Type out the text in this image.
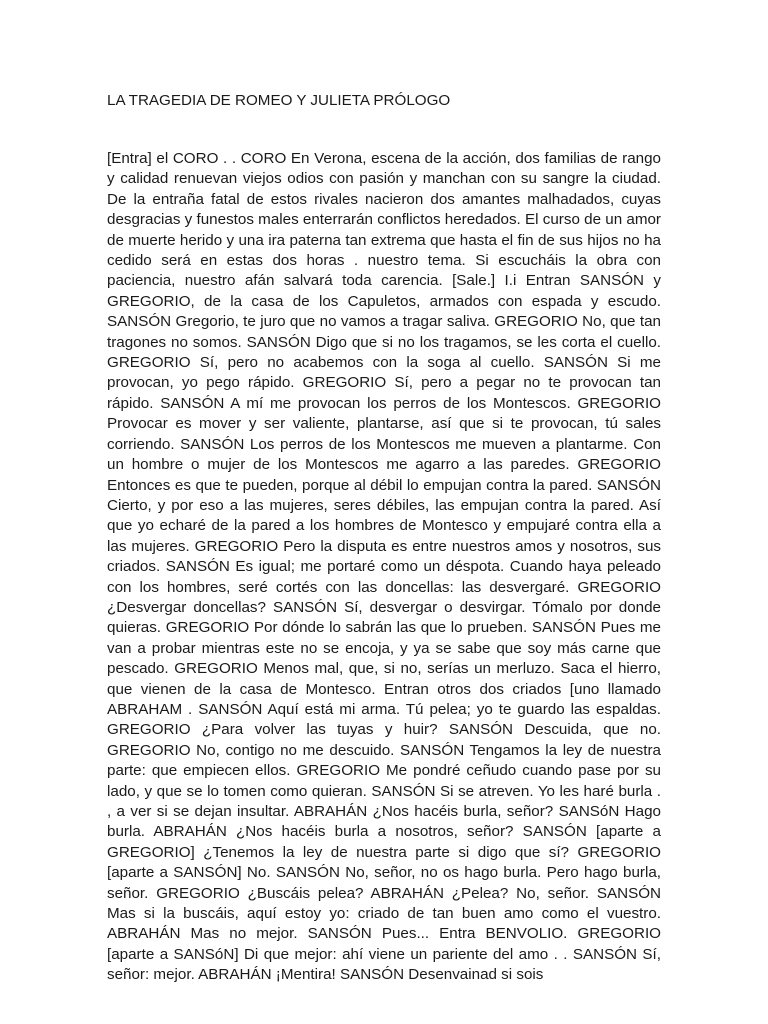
LA TRAGEDIA DE ROMEO Y JULIETA PRÓLOGO

[Entra] el CORO . . CORO En Verona, escena de la acción, dos familias de rango y calidad renuevan viejos odios con pasión y manchan con su sangre la ciudad. De la entraña fatal de estos rivales nacieron dos amantes malhadados, cuyas desgracias y funestos males enterrarán conflictos heredados. El curso de un amor de muerte herido y una ira paterna tan extrema que hasta el fin de sus hijos no ha cedido será en estas dos horas . nuestro tema. Si escucháis la obra con paciencia, nuestro afán salvará toda carencia. [Sale.] I.i Entran SANSÓN y GREGORIO, de la casa de los Capuletos, armados con espada y escudo. SANSÓN Gregorio, te juro que no vamos a tragar saliva. GREGORIO No, que tan tragones no somos. SANSÓN Digo que si no los tragamos, se les corta el cuello. GREGORIO Sí, pero no acabemos con la soga al cuello. SANSÓN Si me provocan, yo pego rápido. GREGORIO Sí, pero a pegar no te provocan tan rápido. SANSÓN A mí me provocan los perros de los Montescos. GREGORIO Provocar es mover y ser valiente, plantarse, así que si te provocan, tú sales corriendo. SANSÓN Los perros de los Montescos me mueven a plantarme. Con un hombre o mujer de los Montescos me agarro a las paredes. GREGORIO Entonces es que te pueden, porque al débil lo empujan contra la pared. SANSÓN Cierto, y por eso a las mujeres, seres débiles, las empujan contra la pared. Así que yo echaré de la pared a los hombres de Montesco y empujaré contra ella a las mujeres. GREGORIO Pero la disputa es entre nuestros amos y nosotros, sus criados. SANSÓN Es igual; me portaré como un déspota. Cuando haya peleado con los hombres, seré cortés con las doncellas: las desvergaré. GREGORIO ¿Desvergar doncellas? SANSÓN Sí, desvergar o desvirgar. Tómalo por donde quieras. GREGORIO Por dónde lo sabrán las que lo prueben. SANSÓN Pues me van a probar mientras este no se encoja, y ya se sabe que soy más carne que pescado. GREGORIO Menos mal, que, si no, serías un merluzo. Saca el hierro, que vienen de la casa de Montesco. Entran otros dos criados [uno llamado ABRAHAM . SANSÓN Aquí está mi arma. Tú pelea; yo te guardo las espaldas. GREGORIO ¿Para volver las tuyas y huir? SANSÓN Descuida, que no. GREGORIO No, contigo no me descuido. SANSÓN Tengamos la ley de nuestra parte: que empiecen ellos. GREGORIO Me pondré ceñudo cuando pase por su lado, y que se lo tomen como quieran. SANSÓN Si se atreven. Yo les haré burla . , a ver si se dejan insultar. ABRAHÁN ¿Nos hacéis burla, señor? SANSóN Hago burla. ABRAHÁN ¿Nos hacéis burla a nosotros, señor? SANSÓN [aparte a GREGORIO] ¿Tenemos la ley de nuestra parte si digo que sí? GREGORIO [aparte a SANSÓN] No. SANSÓN No, señor, no os hago burla. Pero hago burla, señor. GREGORIO ¿Buscáis pelea? ABRAHÁN ¿Pelea? No, señor. SANSÓN Mas si la buscáis, aquí estoy yo: criado de tan buen amo como el vuestro. ABRAHÁN Mas no mejor. SANSÓN Pues... Entra BENVOLIO. GREGORIO [aparte a SANSóN] Di que mejor: ahí viene un pariente del amo . . SANSÓN Sí, señor: mejor. ABRAHÁN ¡Mentira! SANSÓN Desenvainad si sois
